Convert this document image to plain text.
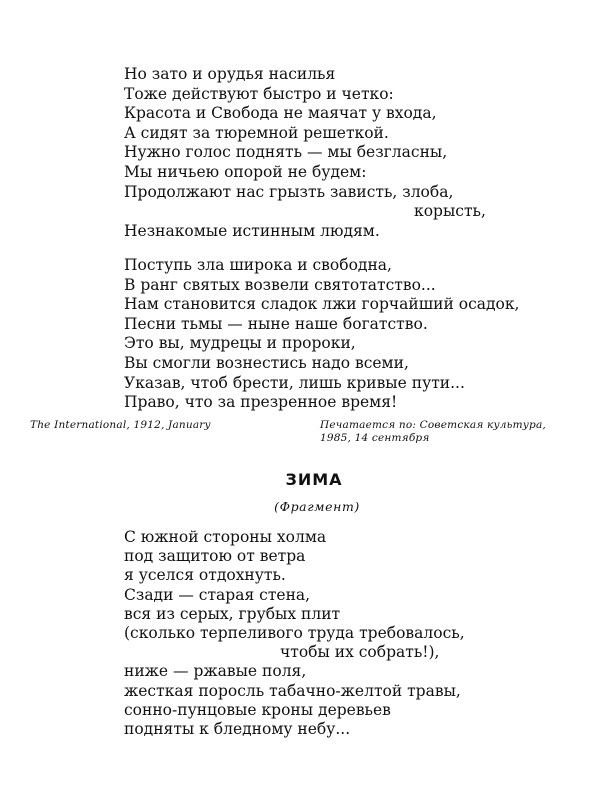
Но зато и орудья насилья
Тоже действуют быстро и четко:
Красота и Свобода не маячат у входа,
А сидят за тюремной решеткой.
Нужно голос поднять — мы безгласны,
Мы ничьею опорой не будем:
Продолжают нас грызть зависть, злоба,
корысть,
Незнакомые истинным людям.
Поступь зла широка и свободна,
В ранг святых возвели святотатство...
Нам становится сладок лжи горчайший осадок,
Песни тьмы — ныне наше богатство.
Это вы, мудрецы и пророки,
Вы смогли вознестись надо всеми,
Указав, чтоб брести, лишь кривые пути...
Право, что за презренное время!
The International, 1912, January	Печатается по: Советская культура,
1985, 14 сентября
ЗИМА
(Фрагмент)
С южной стороны холма
под защитою от ветра
я уселся отдохнуть.
Сзади — старая стена,
вся из серых, грубых плит
(сколько терпеливого труда требовалось,
чтобы их собрать!),
ниже — ржавые поля,
жесткая поросль табачно-желтой травы,
сонно-пунцовые кроны деревьев
подняты к бледному небу...
